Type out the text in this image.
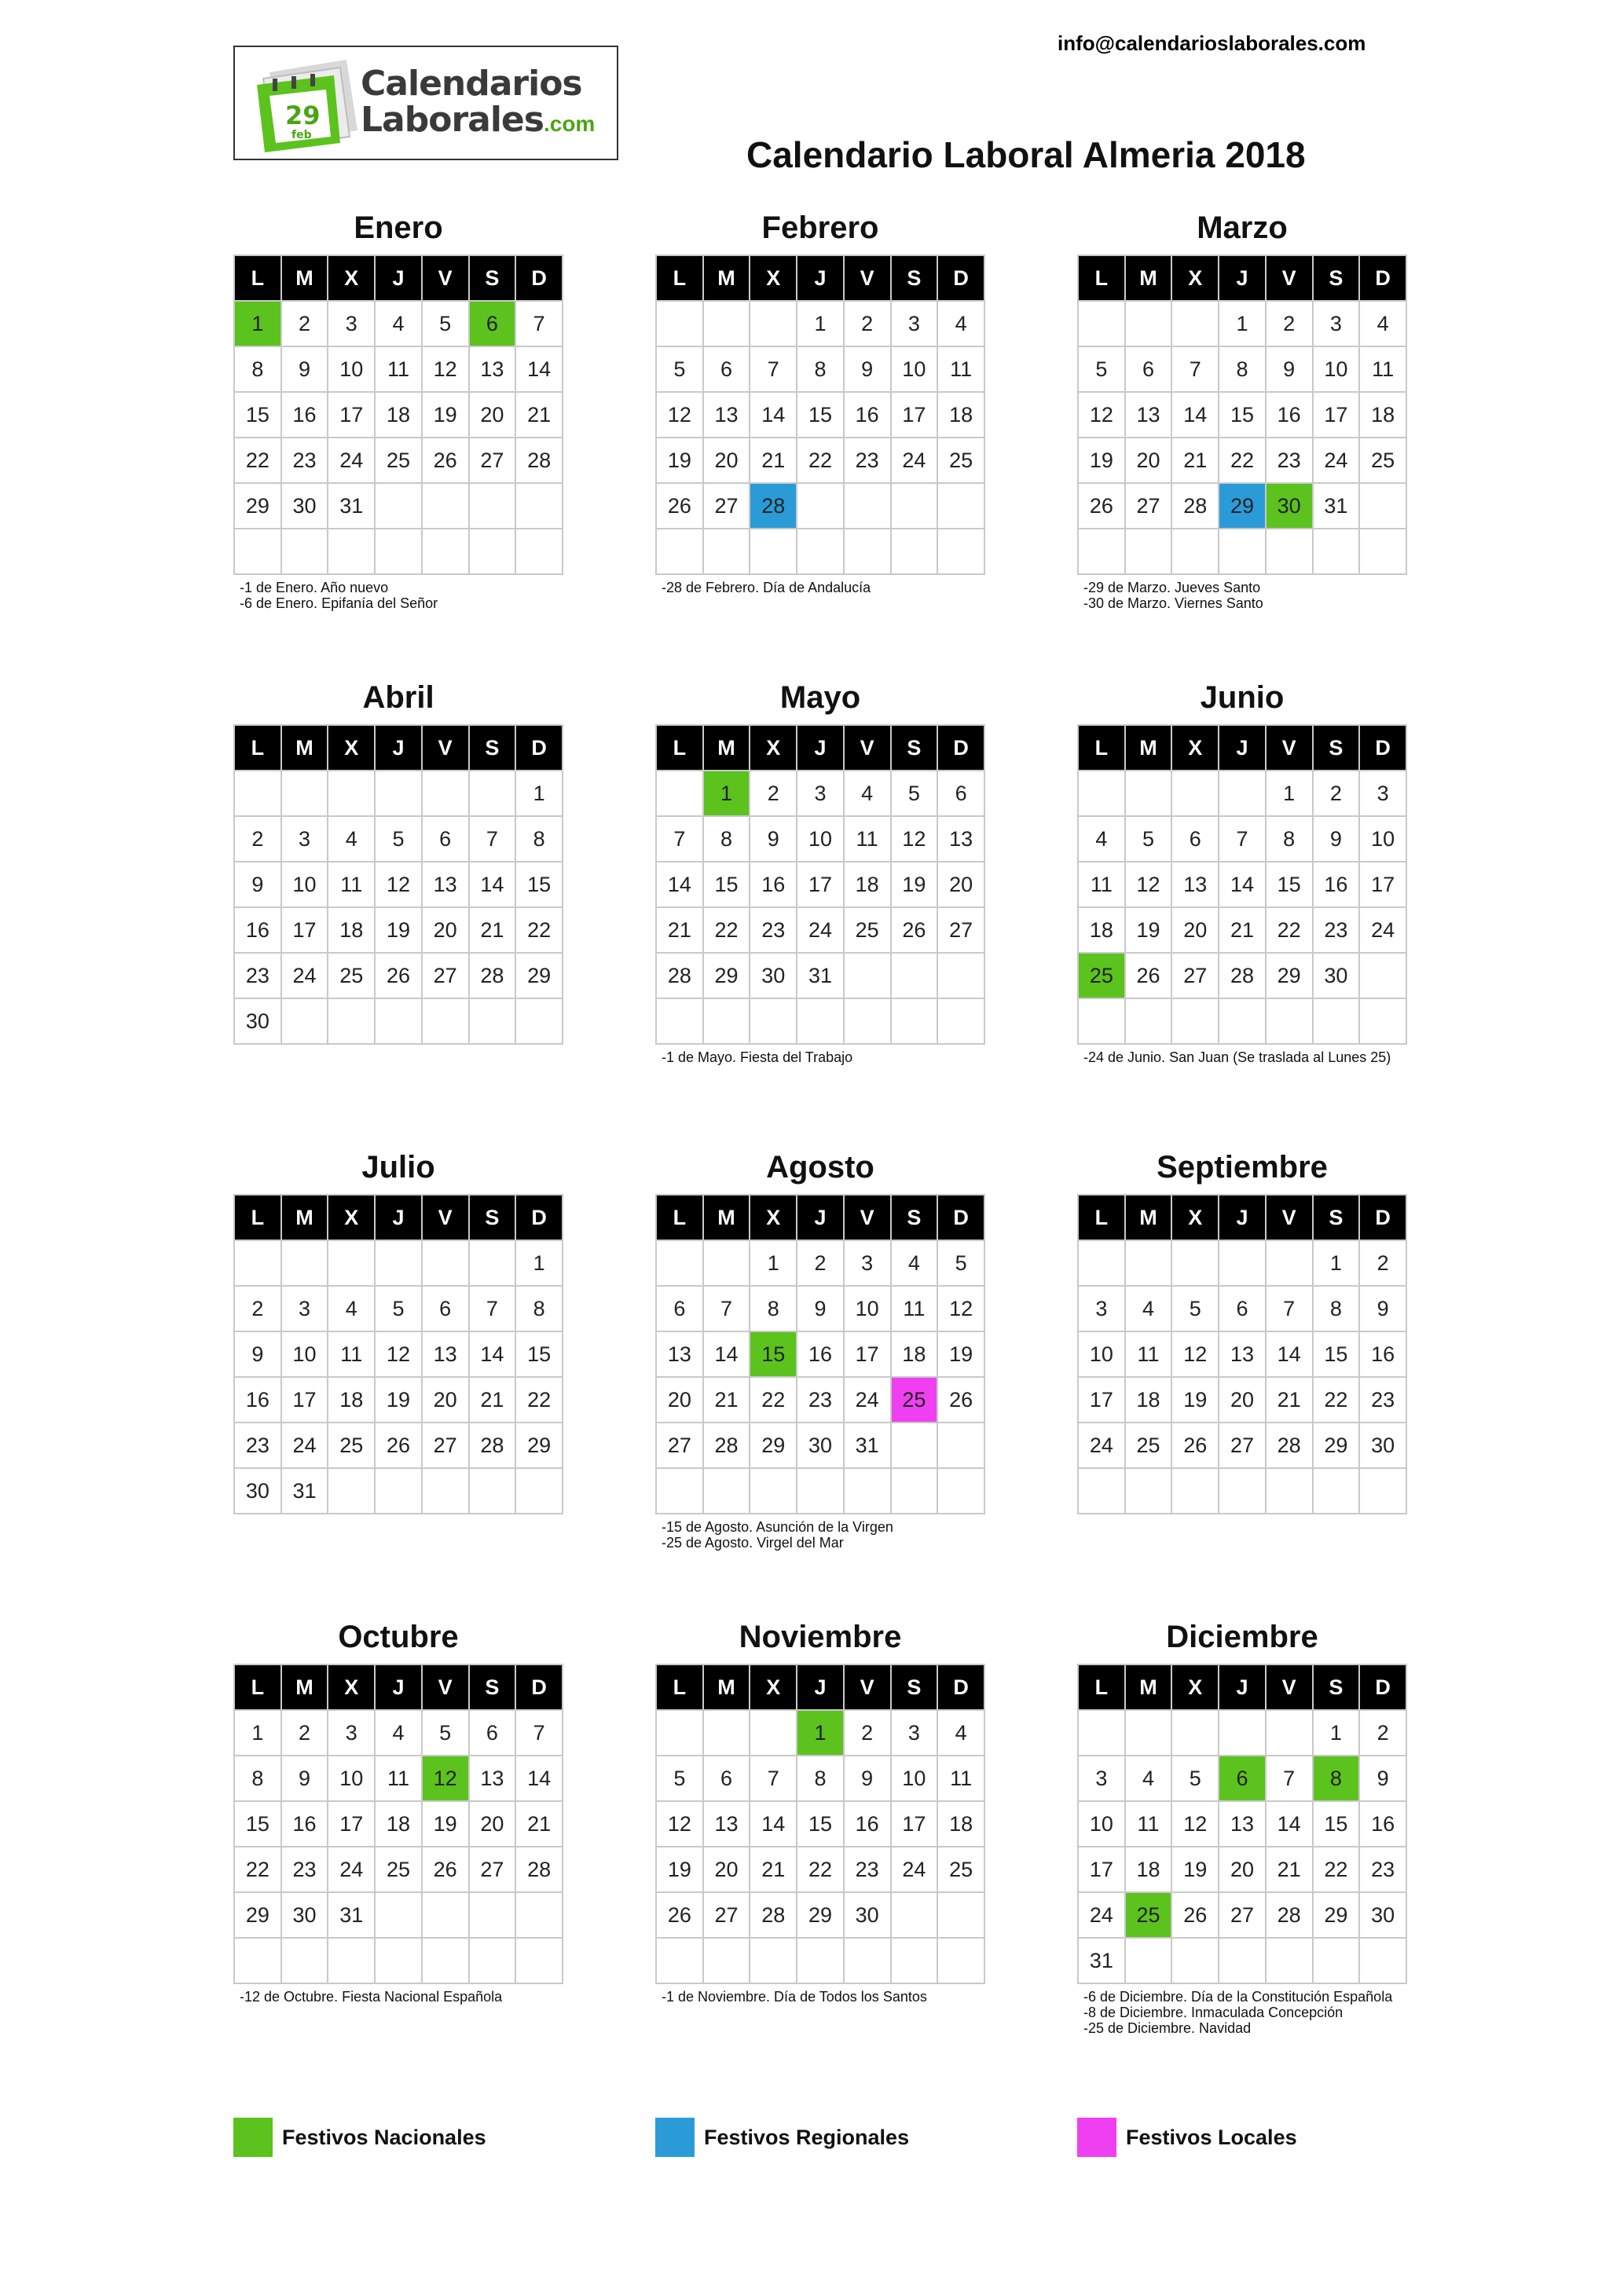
info@calendarioslaborales.com
29
feb
Calendarios
Laborales.com
Calendario Laboral Almeria 2018
Enero
L	M	X	J	V	S	D
1	2	3	4	5	6	7
8	9	10	11	12	13	14
15	16	17	18	19	20	21
22	23	24	25	26	27	28
29	30	31				

-1 de Enero. Año nuevo
-6 de Enero. Epifanía del Señor
Febrero
L	M	X	J	V	S	D
			1	2	3	4
5	6	7	8	9	10	11
12	13	14	15	16	17	18
19	20	21	22	23	24	25
26	27	28				

-28 de Febrero. Día de Andalucía
Marzo
L	M	X	J	V	S	D
			1	2	3	4
5	6	7	8	9	10	11
12	13	14	15	16	17	18
19	20	21	22	23	24	25
26	27	28	29	30	31	

-29 de Marzo. Jueves Santo
-30 de Marzo. Viernes Santo
Abril
L	M	X	J	V	S	D
						1
2	3	4	5	6	7	8
9	10	11	12	13	14	15
16	17	18	19	20	21	22
23	24	25	26	27	28	29
30						
Mayo
L	M	X	J	V	S	D
	1	2	3	4	5	6
7	8	9	10	11	12	13
14	15	16	17	18	19	20
21	22	23	24	25	26	27
28	29	30	31			

-1 de Mayo. Fiesta del Trabajo
Junio
L	M	X	J	V	S	D
				1	2	3
4	5	6	7	8	9	10
11	12	13	14	15	16	17
18	19	20	21	22	23	24
25	26	27	28	29	30	

-24 de Junio. San Juan (Se traslada al Lunes 25)
Julio
L	M	X	J	V	S	D
						1
2	3	4	5	6	7	8
9	10	11	12	13	14	15
16	17	18	19	20	21	22
23	24	25	26	27	28	29
30	31					
Agosto
L	M	X	J	V	S	D
		1	2	3	4	5
6	7	8	9	10	11	12
13	14	15	16	17	18	19
20	21	22	23	24	25	26
27	28	29	30	31		

-15 de Agosto. Asunción de la Virgen
-25 de Agosto. Virgel del Mar
Septiembre
L	M	X	J	V	S	D
					1	2
3	4	5	6	7	8	9
10	11	12	13	14	15	16
17	18	19	20	21	22	23
24	25	26	27	28	29	30

Octubre
L	M	X	J	V	S	D
1	2	3	4	5	6	7
8	9	10	11	12	13	14
15	16	17	18	19	20	21
22	23	24	25	26	27	28
29	30	31				

-12 de Octubre. Fiesta Nacional Española
Noviembre
L	M	X	J	V	S	D
			1	2	3	4
5	6	7	8	9	10	11
12	13	14	15	16	17	18
19	20	21	22	23	24	25
26	27	28	29	30		

-1 de Noviembre. Día de Todos los Santos
Diciembre
L	M	X	J	V	S	D
					1	2
3	4	5	6	7	8	9
10	11	12	13	14	15	16
17	18	19	20	21	22	23
24	25	26	27	28	29	30
31						
-6 de Diciembre. Día de la Constitución Española
-8 de Diciembre. Inmaculada Concepción
-25 de Diciembre. Navidad
Festivos Nacionales	Festivos Regionales	Festivos Locales
